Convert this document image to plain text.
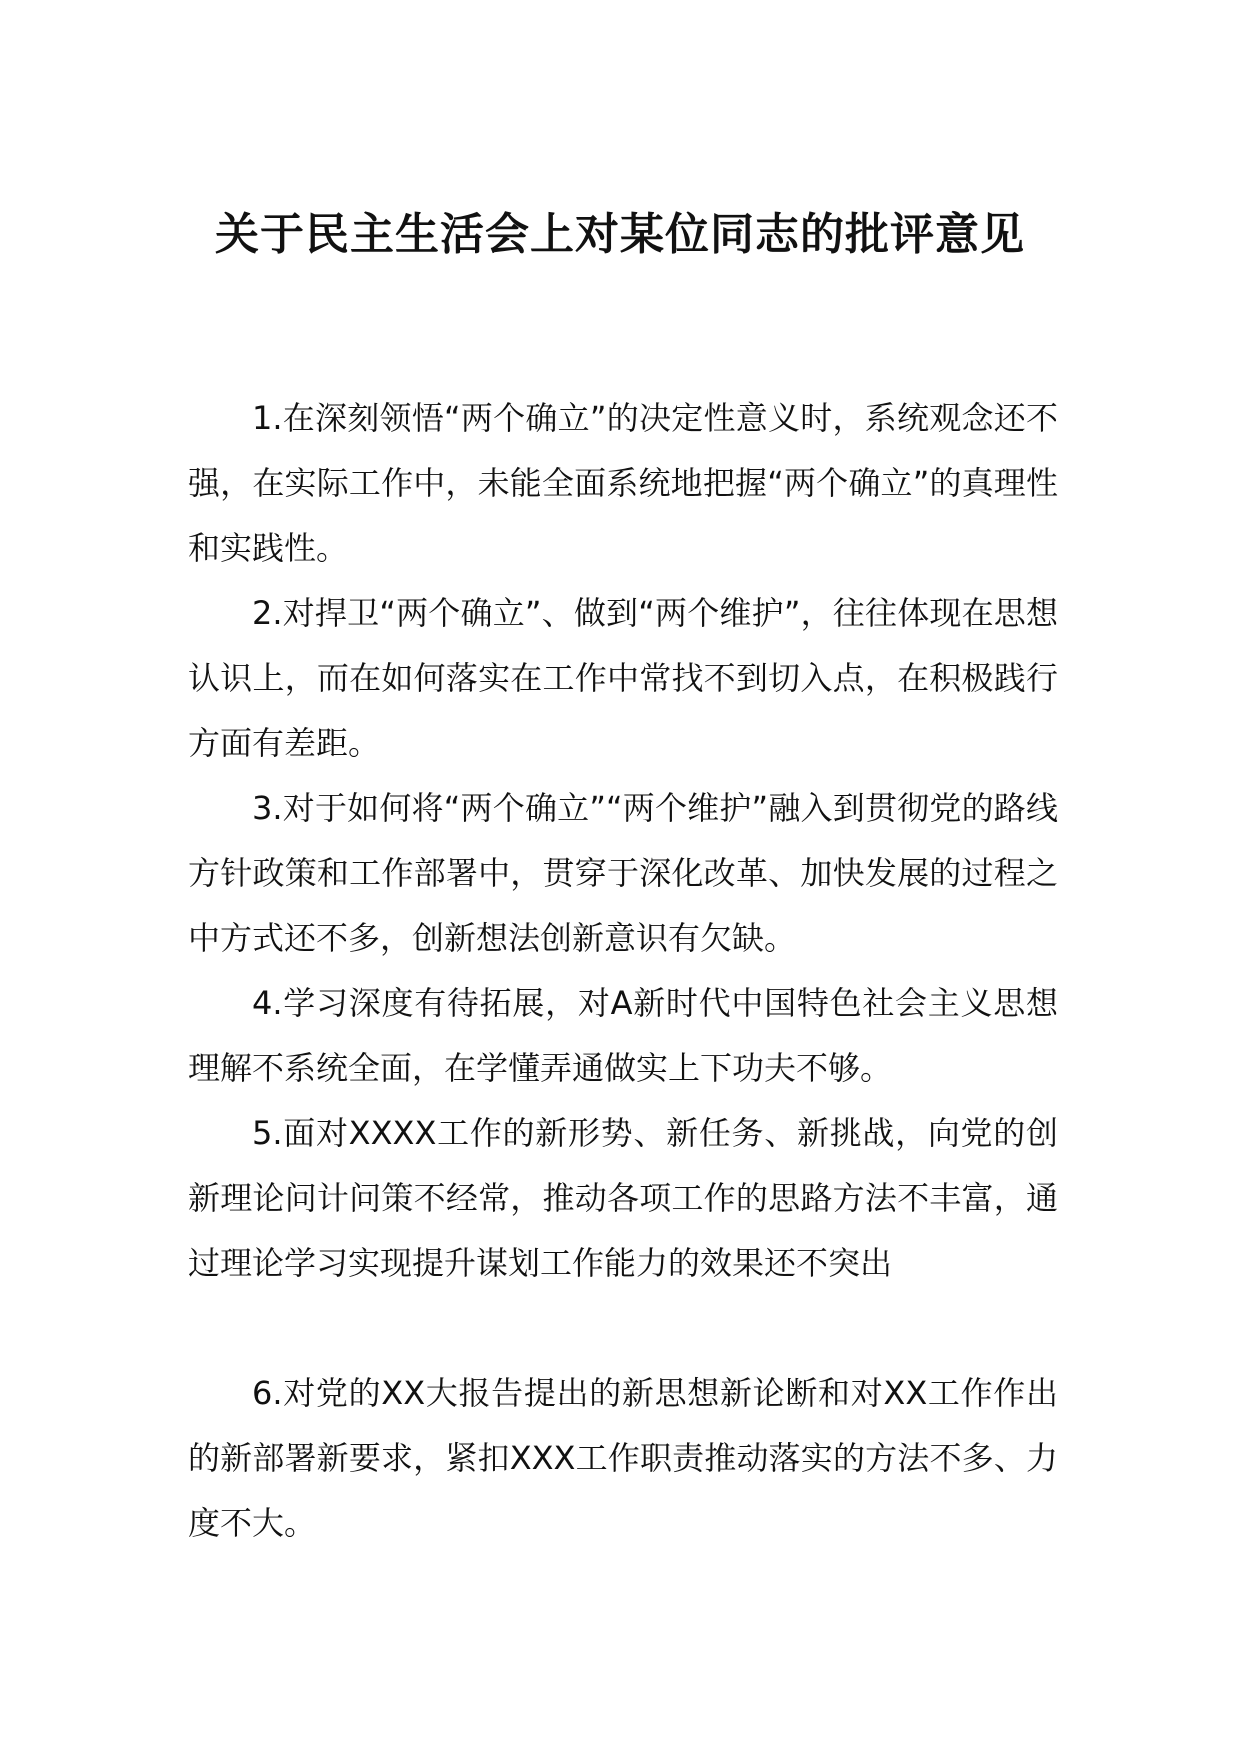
关于民主生活会上对某位同志的批评意见

1.在深刻领悟“两个确立”的决定性意义时，系统观念还不强，在实际工作中，未能全面系统地把握“两个确立”的真理性和实践性。

2.对捍卫“两个确立”、做到“两个维护”，往往体现在思想认识上，而在如何落实在工作中常找不到切入点，在积极践行方面有差距。

3.对于如何将“两个确立”“两个维护”融入到贯彻党的路线方针政策和工作部署中，贯穿于深化改革、加快发展的过程之中方式还不多，创新想法创新意识有欠缺。

4.学习深度有待拓展，对A新时代中国特色社会主义思想理解不系统全面，在学懂弄通做实上下功夫不够。

5.面对XXXX工作的新形势、新任务、新挑战，向党的创新理论问计问策不经常，推动各项工作的思路方法不丰富，通过理论学习实现提升谋划工作能力的效果还不突出

6.对党的XX大报告提出的新思想新论断和对XX工作作出的新部署新要求，紧扣XXX工作职责推动落实的方法不多、力度不大。
